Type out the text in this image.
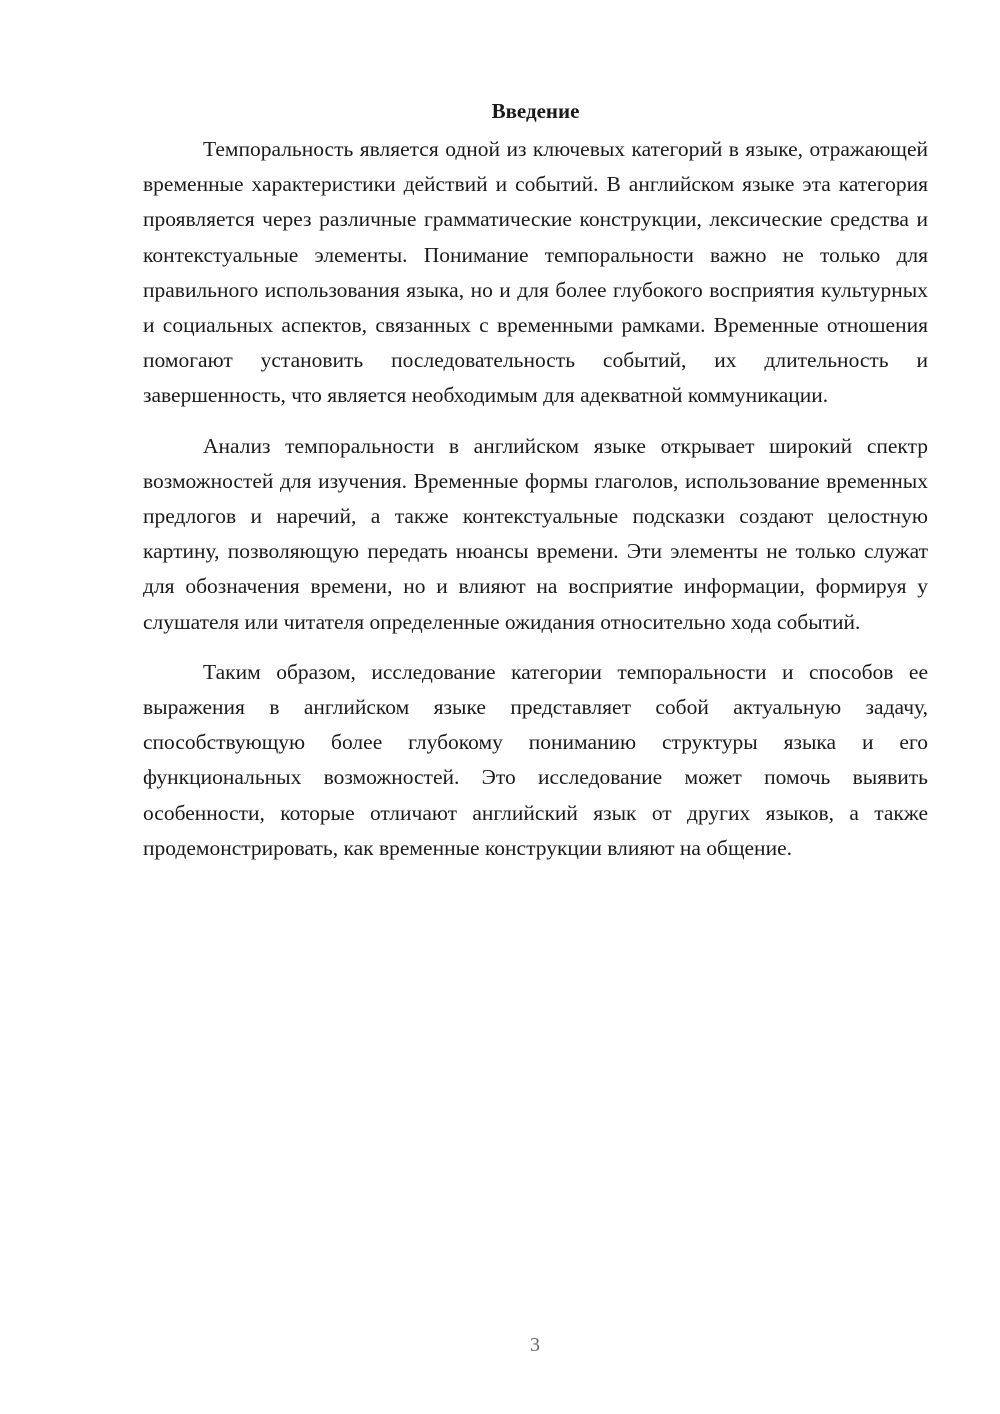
Введение

Темпоральность является одной из ключевых категорий в языке, отражающей временные характеристики действий и событий. В английском языке эта категория проявляется через различные грамматические конструкции, лексические средства и контекстуальные элементы. Понимание темпоральности важно не только для правильного использования языка, но и для более глубокого восприятия культурных и социальных аспектов, связанных с временными рамками. Временные отношения помогают установить последовательность событий, их длительность и завершенность, что является необходимым для адекватной коммуникации.

Анализ темпоральности в английском языке открывает широкий спектр возможностей для изучения. Временные формы глаголов, использование временных предлогов и наречий, а также контекстуальные подсказки создают целостную картину, позволяющую передать нюансы времени. Эти элементы не только служат для обозначения времени, но и влияют на восприятие информации, формируя у слушателя или читателя определенные ожидания относительно хода событий.

Таким образом, исследование категории темпоральности и способов ее выражения в английском языке представляет собой актуальную задачу, способствующую более глубокому пониманию структуры языка и его функциональных возможностей. Это исследование может помочь выявить особенности, которые отличают английский язык от других языков, а также продемонстрировать, как временные конструкции влияют на общение.

3
